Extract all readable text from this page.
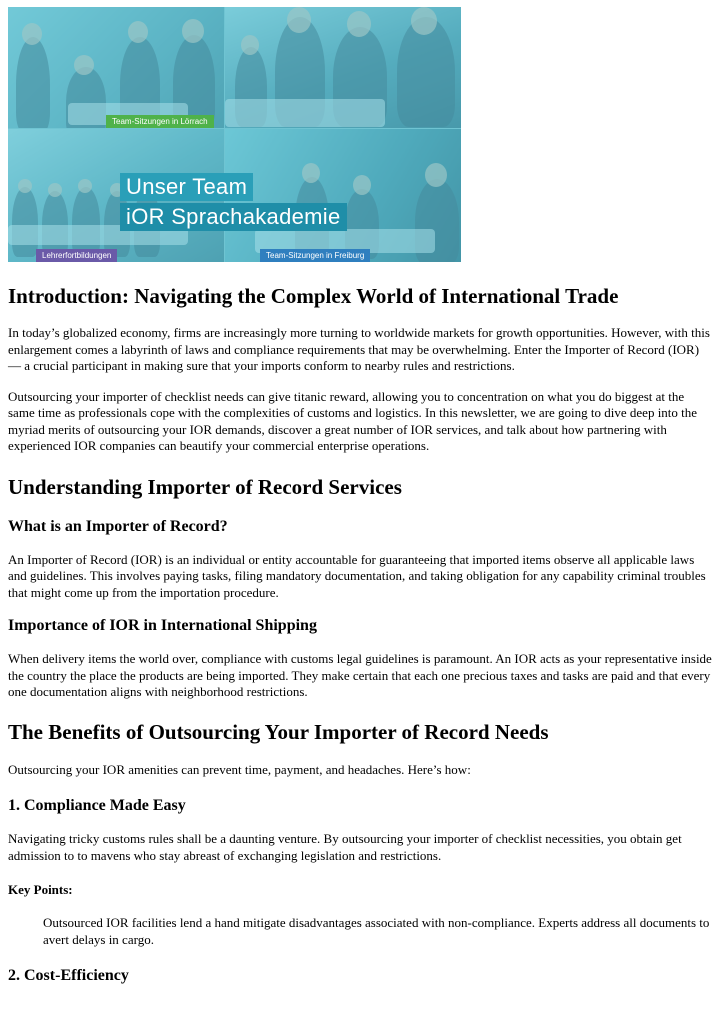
Team-Sitzungen in Lörrach
Lehrerfortbildungen	Team-Sitzungen in Freiburg
Unser Team
iOR Sprachakademie
Introduction: Navigating the Complex World of International Trade

In today’s globalized economy, firms are increasingly more turning to worldwide markets for growth opportunities. However, with this enlargement comes a labyrinth of laws and compliance requirements that may be overwhelming. Enter the Importer of Record (IOR) — a crucial participant in making sure that your imports conform to nearby rules and restrictions.

Outsourcing your importer of checklist needs can give titanic reward, allowing you to concentration on what you do biggest at the same time as professionals cope with the complexities of customs and logistics. In this newsletter, we are going to dive deep into the myriad merits of outsourcing your IOR demands, discover a great number of IOR services, and talk about how partnering with experienced IOR companies can beautify your commercial enterprise operations.

Understanding Importer of Record Services
What is an Importer of Record?

An Importer of Record (IOR) is an individual or entity accountable for guaranteeing that imported items observe all applicable laws and guidelines. This involves paying tasks, filing mandatory documentation, and taking obligation for any capability criminal troubles that might come up from the importation procedure.

Importance of IOR in International Shipping

When delivery items the world over, compliance with customs legal guidelines is paramount. An IOR acts as your representative inside the country the place the products are being imported. They make certain that each one precious taxes and tasks are paid and that every one documentation aligns with neighborhood restrictions.

The Benefits of Outsourcing Your Importer of Record Needs

Outsourcing your IOR amenities can prevent time, payment, and headaches. Here’s how:

1. Compliance Made Easy

Navigating tricky customs rules shall be a daunting venture. By outsourcing your importer of checklist necessities, you obtain get admission to to mavens who stay abreast of exchanging legislation and restrictions.

Key Points:

Outsourced IOR facilities lend a hand mitigate disadvantages associated with non-compliance. Experts address all documents to avert delays in cargo.

2. Cost-Efficiency
